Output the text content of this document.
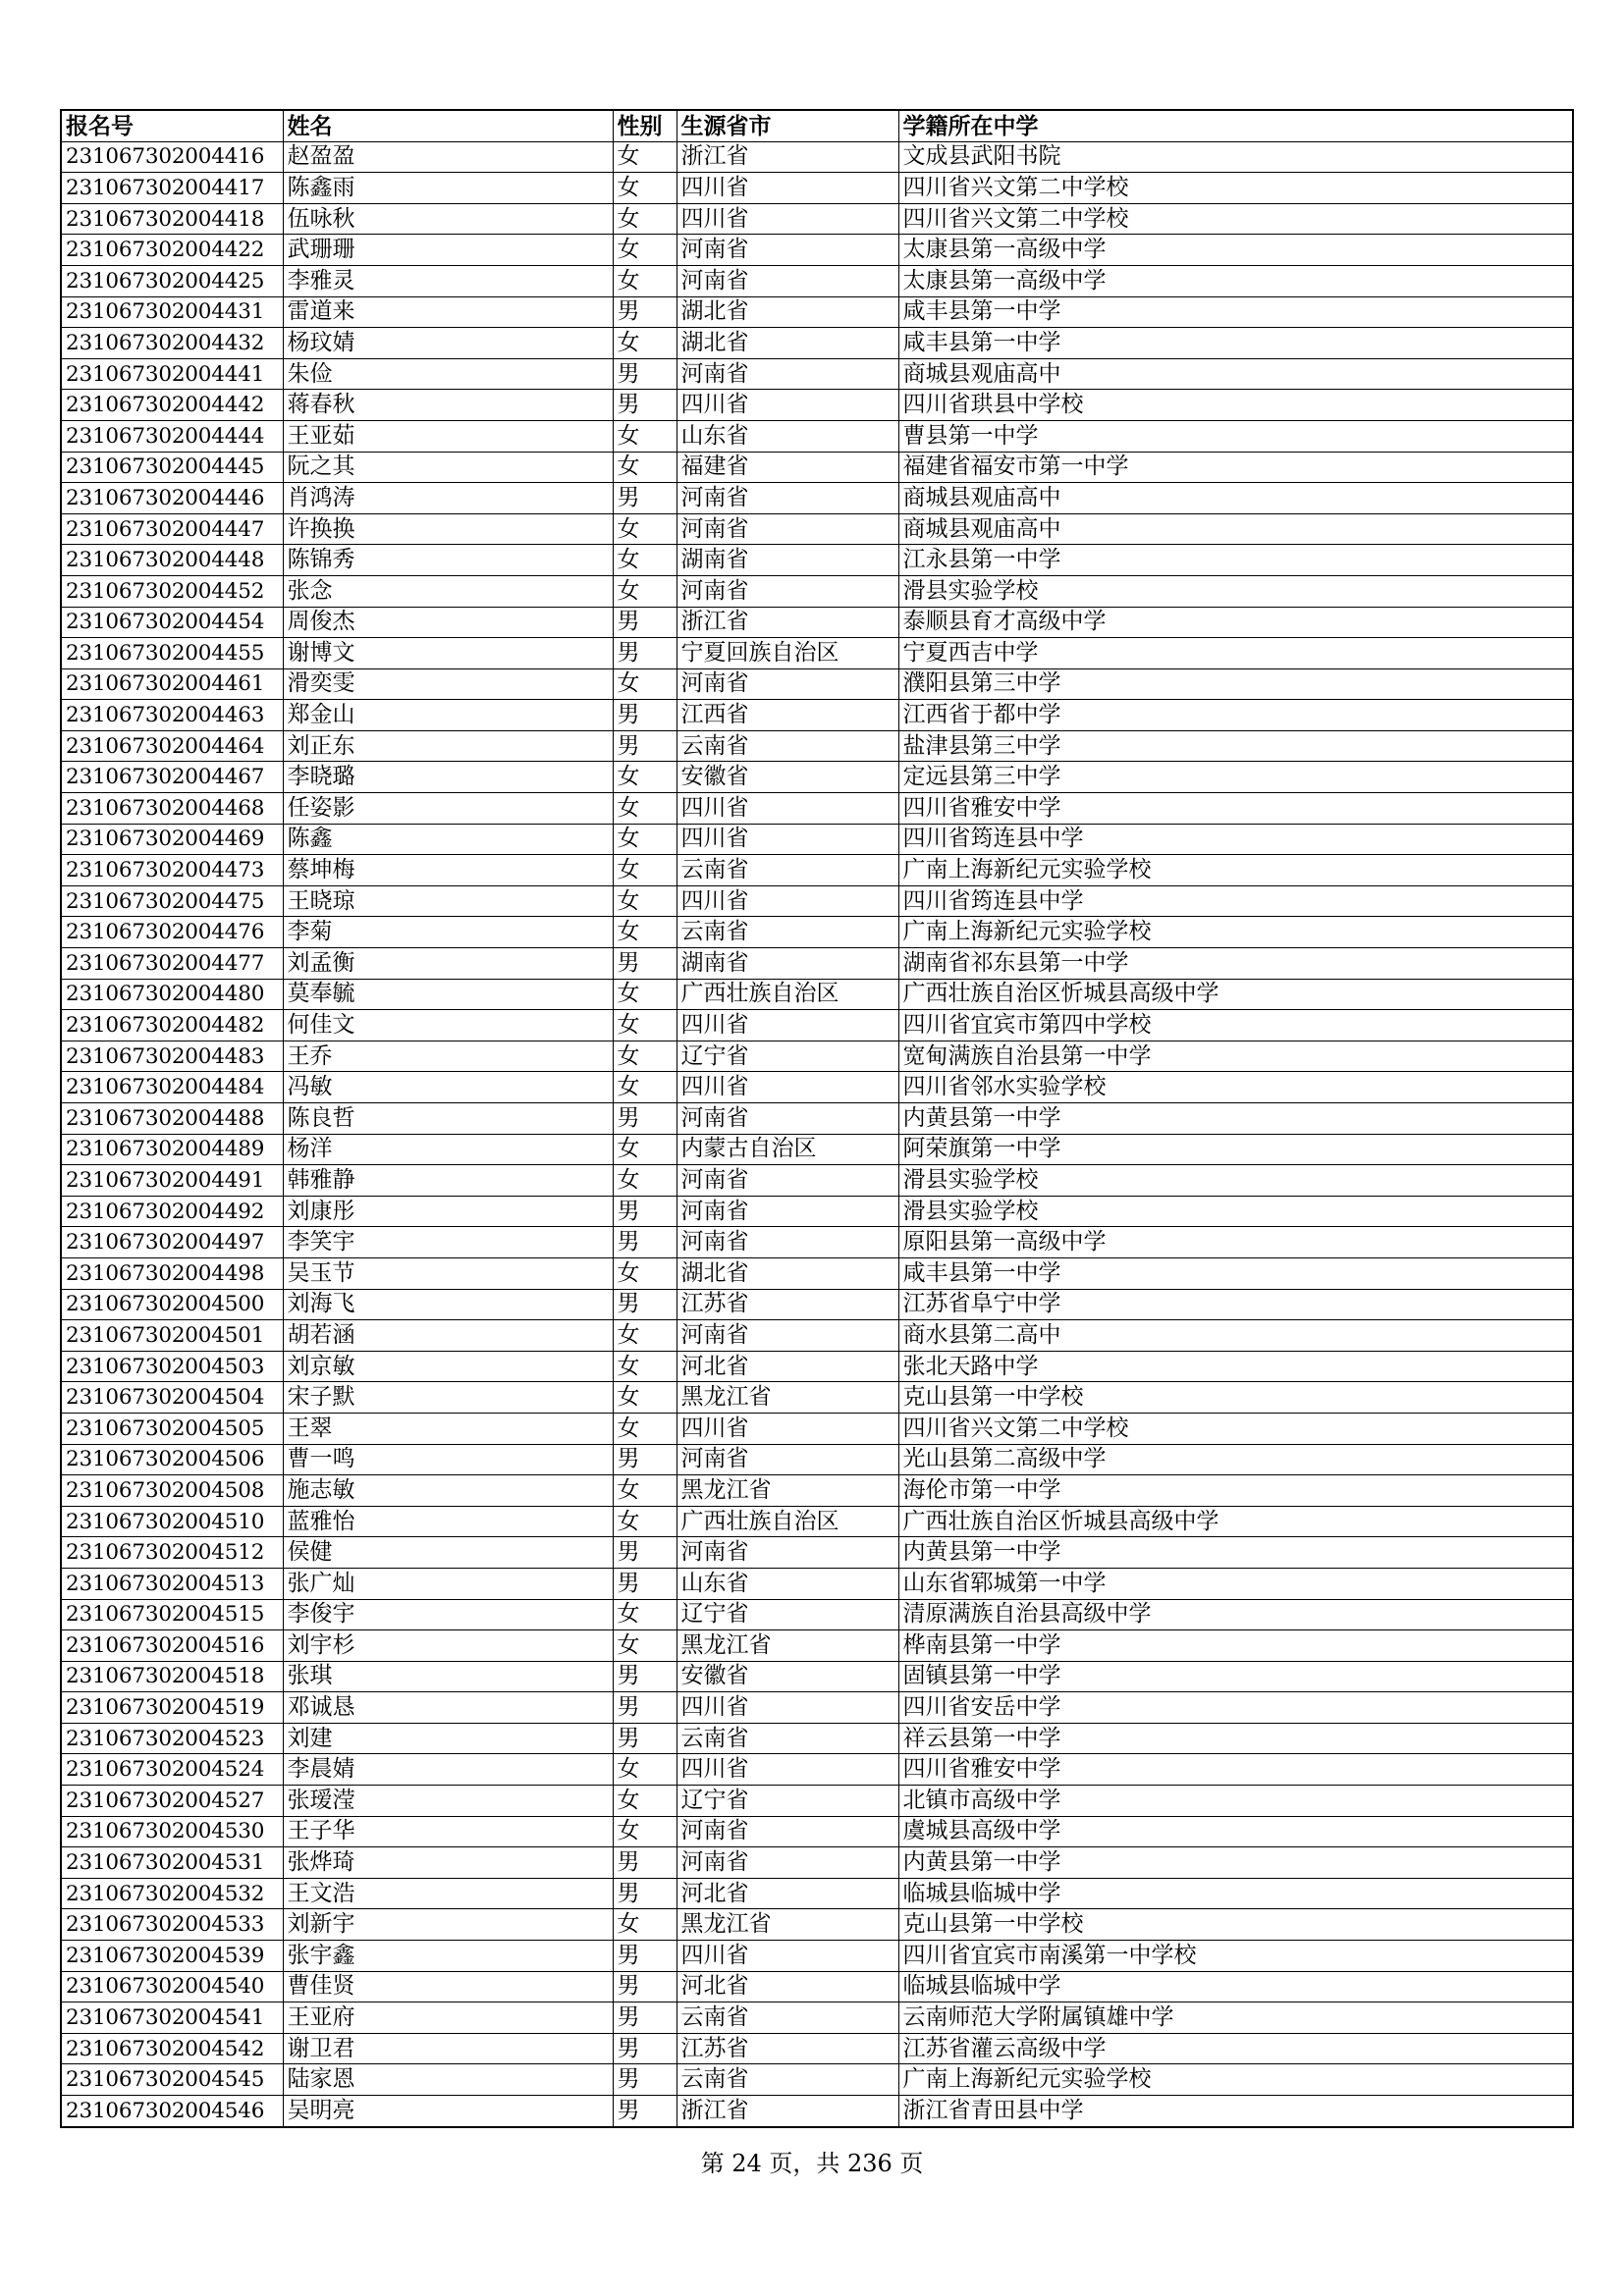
报名号	姓名	性别	生源省市	学籍所在中学
231067302004416	赵盈盈	女	浙江省	文成县武阳书院
231067302004417	陈鑫雨	女	四川省	四川省兴文第二中学校
231067302004418	伍咏秋	女	四川省	四川省兴文第二中学校
231067302004422	武珊珊	女	河南省	太康县第一高级中学
231067302004425	李雅灵	女	河南省	太康县第一高级中学
231067302004431	雷道来	男	湖北省	咸丰县第一中学
231067302004432	杨玟婧	女	湖北省	咸丰县第一中学
231067302004441	朱俭	男	河南省	商城县观庙高中
231067302004442	蒋春秋	男	四川省	四川省珙县中学校
231067302004444	王亚茹	女	山东省	曹县第一中学
231067302004445	阮之其	女	福建省	福建省福安市第一中学
231067302004446	肖鸿涛	男	河南省	商城县观庙高中
231067302004447	许换换	女	河南省	商城县观庙高中
231067302004448	陈锦秀	女	湖南省	江永县第一中学
231067302004452	张念	女	河南省	滑县实验学校
231067302004454	周俊杰	男	浙江省	泰顺县育才高级中学
231067302004455	谢博文	男	宁夏回族自治区	宁夏西吉中学
231067302004461	滑奕雯	女	河南省	濮阳县第三中学
231067302004463	郑金山	男	江西省	江西省于都中学
231067302004464	刘正东	男	云南省	盐津县第三中学
231067302004467	李晓璐	女	安徽省	定远县第三中学
231067302004468	任姿影	女	四川省	四川省雅安中学
231067302004469	陈鑫	女	四川省	四川省筠连县中学
231067302004473	蔡坤梅	女	云南省	广南上海新纪元实验学校
231067302004475	王晓琼	女	四川省	四川省筠连县中学
231067302004476	李菊	女	云南省	广南上海新纪元实验学校
231067302004477	刘孟衡	男	湖南省	湖南省祁东县第一中学
231067302004480	莫奉毓	女	广西壮族自治区	广西壮族自治区忻城县高级中学
231067302004482	何佳文	女	四川省	四川省宜宾市第四中学校
231067302004483	王乔	女	辽宁省	宽甸满族自治县第一中学
231067302004484	冯敏	女	四川省	四川省邻水实验学校
231067302004488	陈良哲	男	河南省	内黄县第一中学
231067302004489	杨洋	女	内蒙古自治区	阿荣旗第一中学
231067302004491	韩雅静	女	河南省	滑县实验学校
231067302004492	刘康彤	男	河南省	滑县实验学校
231067302004497	李笑宇	男	河南省	原阳县第一高级中学
231067302004498	吴玉节	女	湖北省	咸丰县第一中学
231067302004500	刘海飞	男	江苏省	江苏省阜宁中学
231067302004501	胡若涵	女	河南省	商水县第二高中
231067302004503	刘京敏	女	河北省	张北天路中学
231067302004504	宋子默	女	黑龙江省	克山县第一中学校
231067302004505	王翠	女	四川省	四川省兴文第二中学校
231067302004506	曹一鸣	男	河南省	光山县第二高级中学
231067302004508	施志敏	女	黑龙江省	海伦市第一中学
231067302004510	蓝雅怡	女	广西壮族自治区	广西壮族自治区忻城县高级中学
231067302004512	侯健	男	河南省	内黄县第一中学
231067302004513	张广灿	男	山东省	山东省郓城第一中学
231067302004515	李俊宇	女	辽宁省	清原满族自治县高级中学
231067302004516	刘宇杉	女	黑龙江省	桦南县第一中学
231067302004518	张琪	男	安徽省	固镇县第一中学
231067302004519	邓诚恳	男	四川省	四川省安岳中学
231067302004523	刘建	男	云南省	祥云县第一中学
231067302004524	李晨婧	女	四川省	四川省雅安中学
231067302004527	张瑷滢	女	辽宁省	北镇市高级中学
231067302004530	王子华	女	河南省	虞城县高级中学
231067302004531	张烨琦	男	河南省	内黄县第一中学
231067302004532	王文浩	男	河北省	临城县临城中学
231067302004533	刘新宇	女	黑龙江省	克山县第一中学校
231067302004539	张宇鑫	男	四川省	四川省宜宾市南溪第一中学校
231067302004540	曹佳贤	男	河北省	临城县临城中学
231067302004541	王亚府	男	云南省	云南师范大学附属镇雄中学
231067302004542	谢卫君	男	江苏省	江苏省灌云高级中学
231067302004545	陆家恩	男	云南省	广南上海新纪元实验学校
231067302004546	吴明亮	男	浙江省	浙江省青田县中学
第 24 页，共 236 页
